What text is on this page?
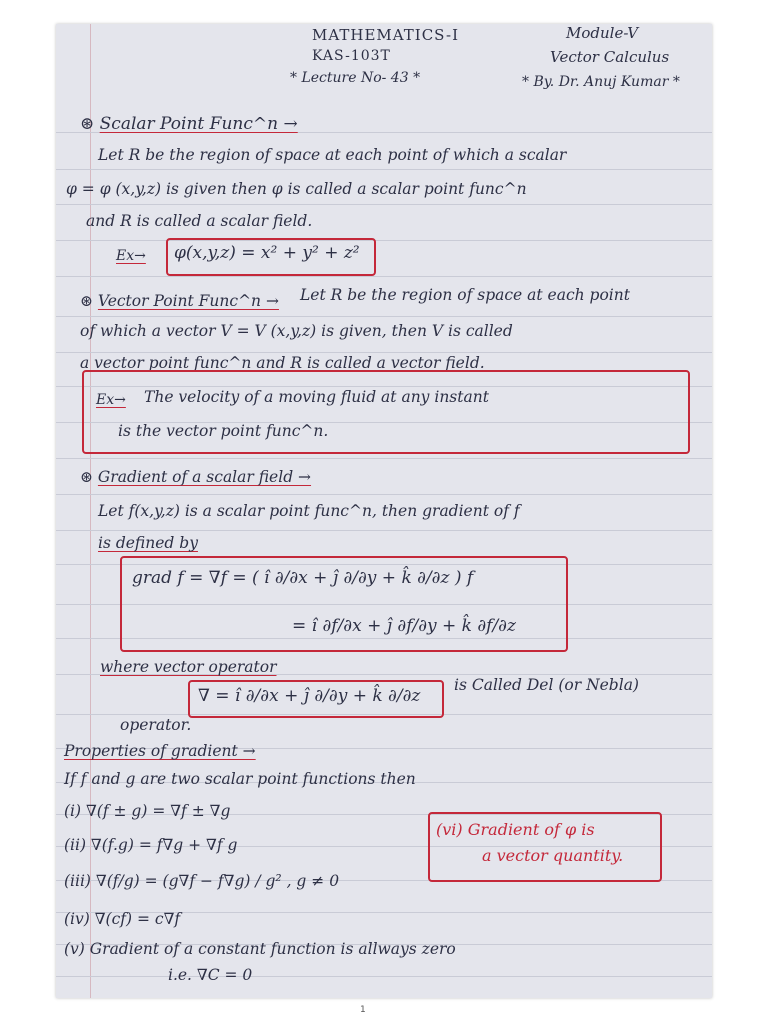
MATHEMATICS-I
KAS-103T
* Lecture No- 43 *
Module-V
Vector Calculus
* By. Dr. Anuj Kumar *
⊛ Scalar Point Func^n →
Let R be the region of space at each point of which a scalar
φ = φ (x,y,z) is given then φ is called a scalar point func^n
and R is called a scalar field.
Ex→ φ(x,y,z) = x² + y² + z²
⊛ Vector Point Func^n → Let R be the region of space at each point
of which a vector V = V (x,y,z) is given, then V is called
a vector point func^n and R is called a vector field.
Ex→ The velocity of a moving fluid at any instant
is the vector point func^n.
⊛ Gradient of a scalar field →
Let f(x,y,z) is a scalar point func^n, then gradient of f
is defined by
grad f = ∇f = ( î ∂/∂x + ĵ ∂/∂y + k̂ ∂/∂z ) f
= î ∂f/∂x + ĵ ∂f/∂y + k̂ ∂f/∂z
where vector operator
∇ = î ∂/∂x + ĵ ∂/∂y + k̂ ∂/∂z
is Called Del (or Nebla)
operator.
Properties of gradient →
If f and g are two scalar point functions then
(i) ∇(f ± g) = ∇f ± ∇g
(ii) ∇(f.g) = f∇g + ∇f g
(iii) ∇(f/g) = (g∇f − f∇g) / g² , g ≠ 0
(iv) ∇(cf) = c∇f
(v) Gradient of a constant function is allways zero
i.e. ∇C = 0
(vi) Gradient of φ is
a vector quantity.
1
